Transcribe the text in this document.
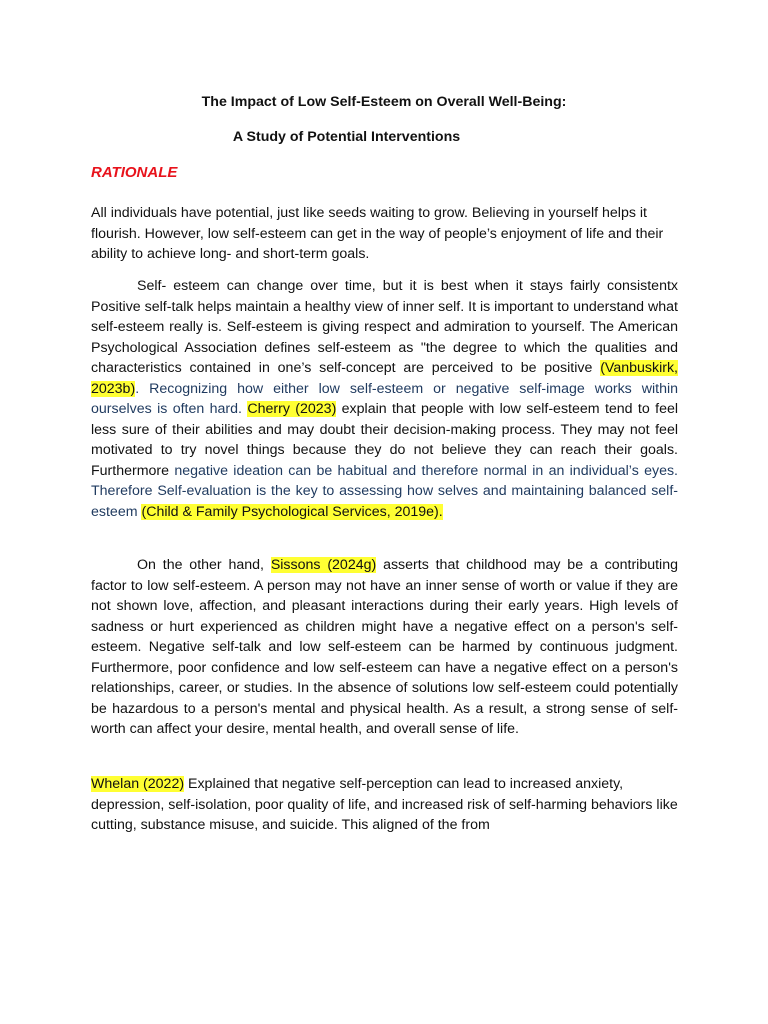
The Impact of Low Self-Esteem on Overall Well-Being:
A Study of Potential Interventions
RATIONALE

All individuals have potential, just like seeds waiting to grow. Believing in yourself helps it flourish. However, low self-esteem can get in the way of people’s enjoyment of life and their ability to achieve long- and short-term goals.

Self- esteem can change over time, but it is best when it stays fairly consistentx Positive self-talk helps maintain a healthy view of inner self. It is important to understand what self-esteem really is. Self-esteem is giving respect and admiration to yourself. The American Psychological Association defines self-esteem as "the degree to which the qualities and characteristics contained in one’s self-concept are perceived to be positive (Vanbuskirk, 2023b). Recognizing how either low self-esteem or negative self-image works within ourselves is often hard. Cherry (2023) explain that people with low self-esteem tend to feel less sure of their abilities and may doubt their decision-making process. They may not feel motivated to try novel things because they do not believe they can reach their goals. Furthermore negative ideation can be habitual and therefore normal in an individual’s eyes. Therefore Self-evaluation is the key to assessing how selves and maintaining balanced self-esteem (Child & Family Psychological Services, 2019e).

On the other hand, Sissons (2024g) asserts that childhood may be a contributing factor to low self-esteem. A person may not have an inner sense of worth or value if they are not shown love, affection, and pleasant interactions during their early years. High levels of sadness or hurt experienced as children might have a negative effect on a person's self-esteem. Negative self-talk and low self-esteem can be harmed by continuous judgment. Furthermore, poor confidence and low self-esteem can have a negative effect on a person's relationships, career, or studies. In the absence of solutions low self-esteem could potentially be hazardous to a person's mental and physical health. As a result, a strong sense of self-worth can affect your desire, mental health, and overall sense of life.

Whelan (2022) Explained that negative self-perception can lead to increased anxiety, depression, self-isolation, poor quality of life, and increased risk of self-harming behaviors like cutting, substance misuse, and suicide. This aligned of the from
